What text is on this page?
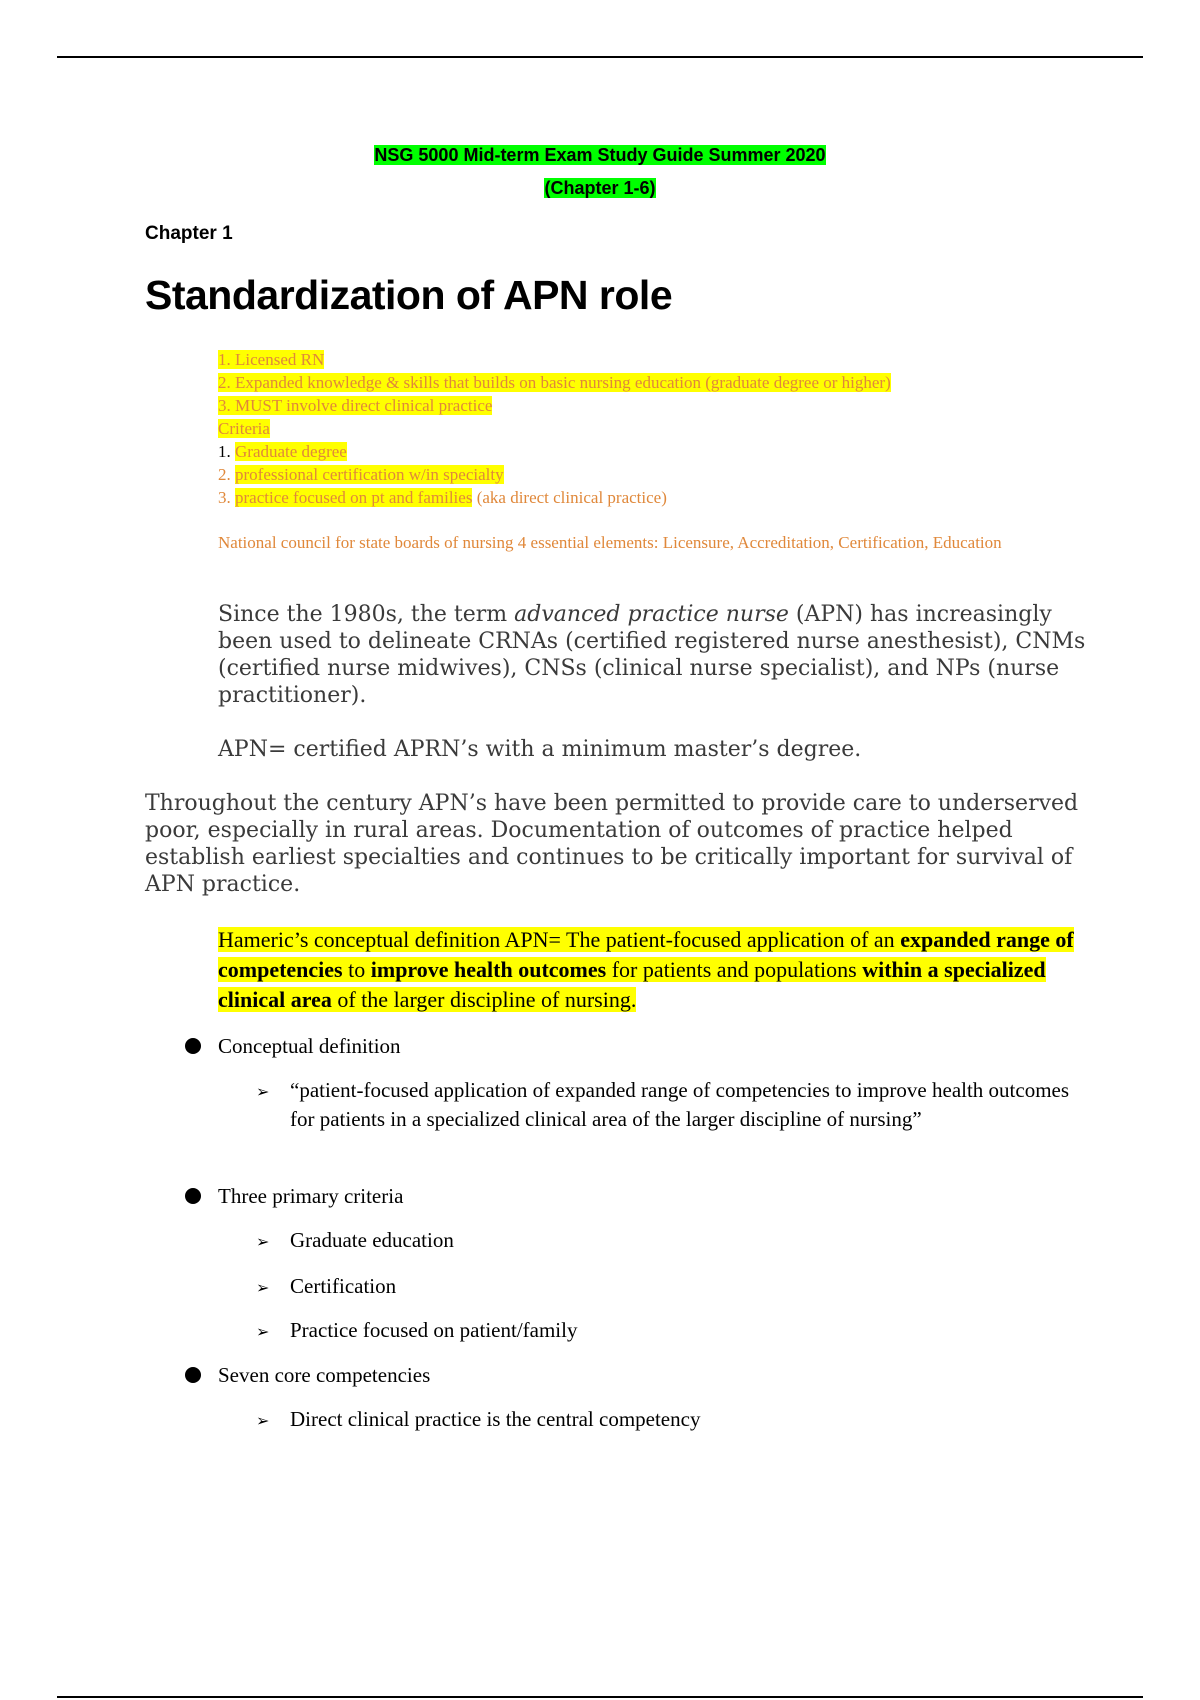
NSG 5000 Mid-term Exam Study Guide Summer 2020
(Chapter 1-6)
Chapter 1
Standardization of APN role
1. Licensed RN
2. Expanded knowledge & skills that builds on basic nursing education (graduate degree or higher)
3. MUST involve direct clinical practice
Criteria
1. Graduate degree
2. professional certification w/in specialty
3. practice focused on pt and families (aka direct clinical practice)
National council for state boards of nursing 4 essential elements: Licensure, Accreditation, Certification, Education
Since the 1980s, the term advanced practice nurse (APN) has increasingly been used to delineate CRNAs (certified registered nurse anesthesist), CNMs (certified nurse midwives), CNSs (clinical nurse specialist), and NPs (nurse practitioner).
APN= certified APRN’s with a minimum master’s degree.
Throughout the century APN’s have been permitted to provide care to underserved poor, especially in rural areas. Documentation of outcomes of practice helped establish earliest specialties and continues to be critically important for survival of APN practice.
Hameric’s conceptual definition APN= The patient-focused application of an expanded range of competencies to improve health outcomes for patients and populations within a specialized clinical area of the larger discipline of nursing.
Conceptual definition
➢ “patient-focused application of expanded range of competencies to improve health outcomes for patients in a specialized clinical area of the larger discipline of nursing”
Three primary criteria
➢ Graduate education
➢ Certification
➢ Practice focused on patient/family
Seven core competencies
➢ Direct clinical practice is the central competency
